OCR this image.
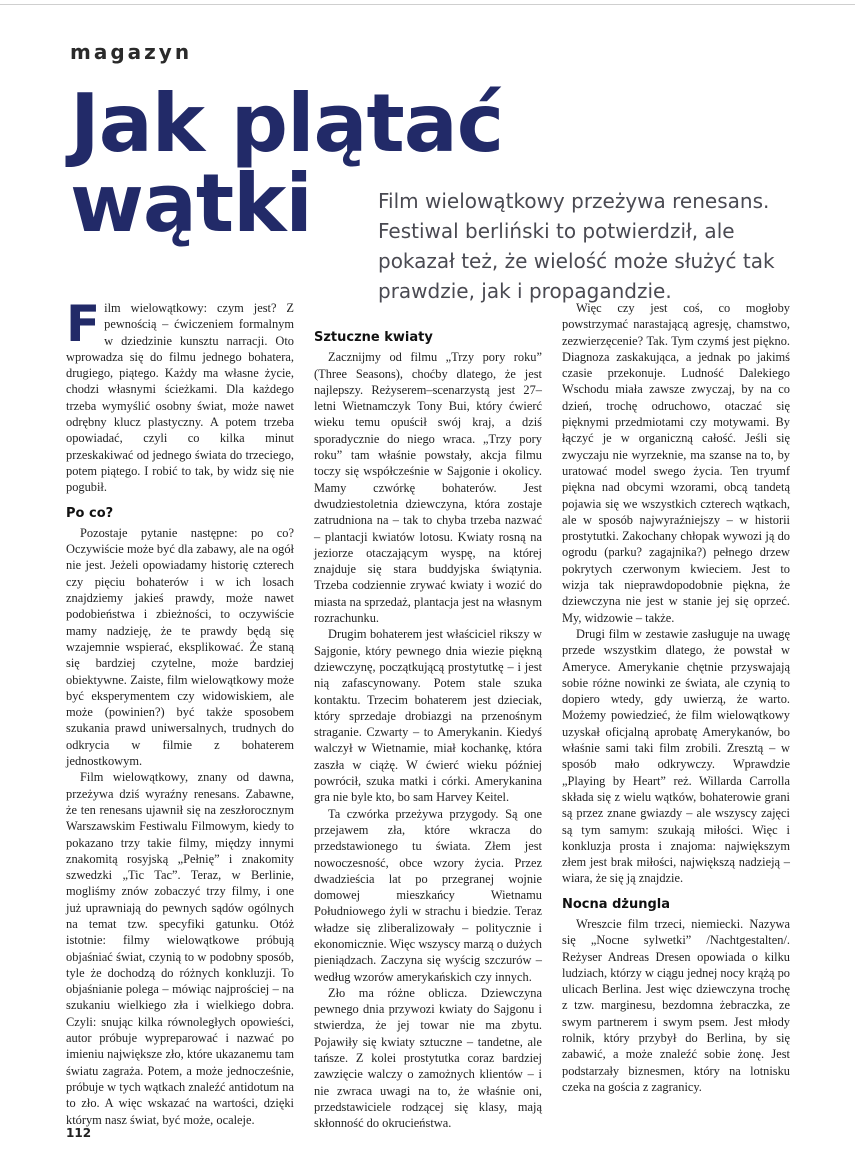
magazyn
Jak plątać
wątki	Film wielowątkowy przeżywa renesans. Festiwal berliński to potwierdził, ale pokazał też, że wielość może służyć tak prawdzie, jak i propagandzie.

Film wielowątkowy: czym jest? Z pewnością – ćwiczeniem formalnym w dziedzinie kunsztu narracji. Oto wprowadza się do filmu jednego bohatera, drugiego, piątego. Każdy ma własne życie, chodzi własnymi ścieżkami. Dla każdego trzeba wymyślić osobny świat, może nawet odrębny klucz plastyczny. A potem trzeba opowiadać, czyli co kilka minut przeskakiwać od jednego świata do trzeciego, potem piątego. I robić to tak, by widz się nie pogubił.

Po co?

Pozostaje pytanie następne: po co? Oczywiście może być dla zabawy, ale na ogół nie jest. Jeżeli opowiadamy historię czterech czy pięciu bohaterów i w ich losach znajdziemy jakieś prawdy, może nawet podobieństwa i zbieżności, to oczywiście mamy nadzieję, że te prawdy będą się wzajemnie wspierać, eksplikować. Że staną się bardziej czytelne, może bardziej obiektywne. Zaiste, film wielowątkowy może być eksperymentem czy widowiskiem, ale może (powinien?) być także sposobem szukania prawd uniwersalnych, trudnych do odkrycia w filmie z bohaterem jednostkowym.

Film wielowątkowy, znany od dawna, przeżywa dziś wyraźny renesans. Zabawne, że ten renesans ujawnił się na zeszłorocznym Warszawskim Festiwalu Filmowym, kiedy to pokazano trzy takie filmy, między innymi znakomitą rosyjską „Pełnię” i znakomity szwedzki „Tic Tac”. Teraz, w Berlinie, mogliśmy znów zobaczyć trzy filmy, i one już uprawniają do pewnych sądów ogólnych na temat tzw. specyfiki gatunku. Otóż istotnie: filmy wielowątkowe próbują objaśniać świat, czynią to w podobny sposób, tyle że dochodzą do różnych konkluzji. To objaśnianie polega – mówiąc najprościej – na szukaniu wielkiego zła i wielkiego dobra. Czyli: snując kilka równoległych opowieści, autor próbuje wypreparować i nazwać po imieniu największe zło, które ukazanemu tam światu zagraża. Potem, a może jednocześnie, próbuje w tych wątkach znaleźć antidotum na to zło. A więc wskazać na wartości, dzięki którym nasz świat, być może, ocaleje.

Sztuczne kwiaty

Zacznijmy od filmu „Trzy pory roku” (Three Seasons), choćby dlatego, że jest najlepszy. Reżyserem–scenarzystą jest 27–letni Wietnamczyk Tony Bui, który ćwierć wieku temu opuścił swój kraj, a dziś sporadycznie do niego wraca. „Trzy pory roku” tam właśnie powstały, akcja filmu toczy się współcześnie w Sajgonie i okolicy. Mamy czwórkę bohaterów. Jest dwudziestoletnia dziewczyna, która zostaje zatrudniona na – tak to chyba trzeba nazwać – plantacji kwiatów lotosu. Kwiaty rosną na jeziorze otaczającym wyspę, na której znajduje się stara buddyjska świątynia. Trzeba codziennie zrywać kwiaty i wozić do miasta na sprzedaż, plantacja jest na własnym rozrachunku.

Drugim bohaterem jest właściciel rikszy w Sajgonie, który pewnego dnia wiezie piękną dziewczynę, początkującą prostytutkę – i jest nią zafascynowany. Potem stale szuka kontaktu. Trzecim bohaterem jest dzieciak, który sprzedaje drobiazgi na przenośnym straganie. Czwarty – to Amerykanin. Kiedyś walczył w Wietnamie, miał kochankę, która zaszła w ciążę. W ćwierć wieku później powrócił, szuka matki i córki. Amerykanina gra nie byle kto, bo sam Harvey Keitel.

Ta czwórka przeżywa przygody. Są one przejawem zła, które wkracza do przedstawionego tu świata. Złem jest nowoczesność, obce wzory życia. Przez dwadzieścia lat po przegranej wojnie domowej mieszkańcy Wietnamu Południowego żyli w strachu i biedzie. Teraz władze się zliberalizowały – politycznie i ekonomicznie. Więc wszyscy marzą o dużych pieniądzach. Zaczyna się wyścig szczurów – według wzorów amerykańskich czy innych.

Zło ma różne oblicza. Dziewczyna pewnego dnia przywozi kwiaty do Sajgonu i stwierdza, że jej towar nie ma zbytu. Pojawiły się kwiaty sztuczne – tandetne, ale tańsze. Z kolei prostytutka coraz bardziej zawzięcie walczy o zamożnych klientów – i nie zwraca uwagi na to, że właśnie oni, przedstawiciele rodzącej się klasy, mają skłonność do okrucieństwa.

Więc czy jest coś, co mogłoby powstrzymać narastającą agresję, chamstwo, zezwierzęcenie? Tak. Tym czymś jest piękno. Diagnoza zaskakująca, a jednak po jakimś czasie przekonuje. Ludność Dalekiego Wschodu miała zawsze zwyczaj, by na co dzień, trochę odruchowo, otaczać się pięknymi przedmiotami czy motywami. By łączyć je w organiczną całość. Jeśli się zwyczaju nie wyrzeknie, ma szanse na to, by uratować model swego życia. Ten tryumf piękna nad obcymi wzorami, obcą tandetą pojawia się we wszystkich czterech wątkach, ale w sposób najwyraźniejszy – w historii prostytutki. Zakochany chłopak wywozi ją do ogrodu (parku? zagajnika?) pełnego drzew pokrytych czerwonym kwieciem. Jest to wizja tak nieprawdopodobnie piękna, że dziewczyna nie jest w stanie jej się oprzeć. My, widzowie – także.

Drugi film w zestawie zasługuje na uwagę przede wszystkim dlatego, że powstał w Ameryce. Amerykanie chętnie przyswajają sobie różne nowinki ze świata, ale czynią to dopiero wtedy, gdy uwierzą, że warto. Możemy powiedzieć, że film wielowątkowy uzyskał oficjalną aprobatę Amerykanów, bo właśnie sami taki film zrobili. Zresztą – w sposób mało odkrywczy. Wprawdzie „Playing by Heart” reż. Willarda Carrolla składa się z wielu wątków, bohaterowie grani są przez znane gwiazdy – ale wszyscy zajęci są tym samym: szukają miłości. Więc i konkluzja prosta i znajoma: największym złem jest brak miłości, największą nadzieją – wiara, że się ją znajdzie.

Nocna dżungla

Wreszcie film trzeci, niemiecki. Nazywa się „Nocne sylwetki” /Nachtgestalten/. Reżyser Andreas Dresen opowiada o kilku ludziach, którzy w ciągu jednej nocy krążą po ulicach Berlina. Jest więc dziewczyna trochę z tzw. marginesu, bezdomna żebraczka, ze swym partnerem i swym psem. Jest młody rolnik, który przybył do Berlina, by się zabawić, a może znaleźć sobie żonę. Jest podstarzały biznesmen, który na lotnisku czeka na gościa z zagranicy.

112
